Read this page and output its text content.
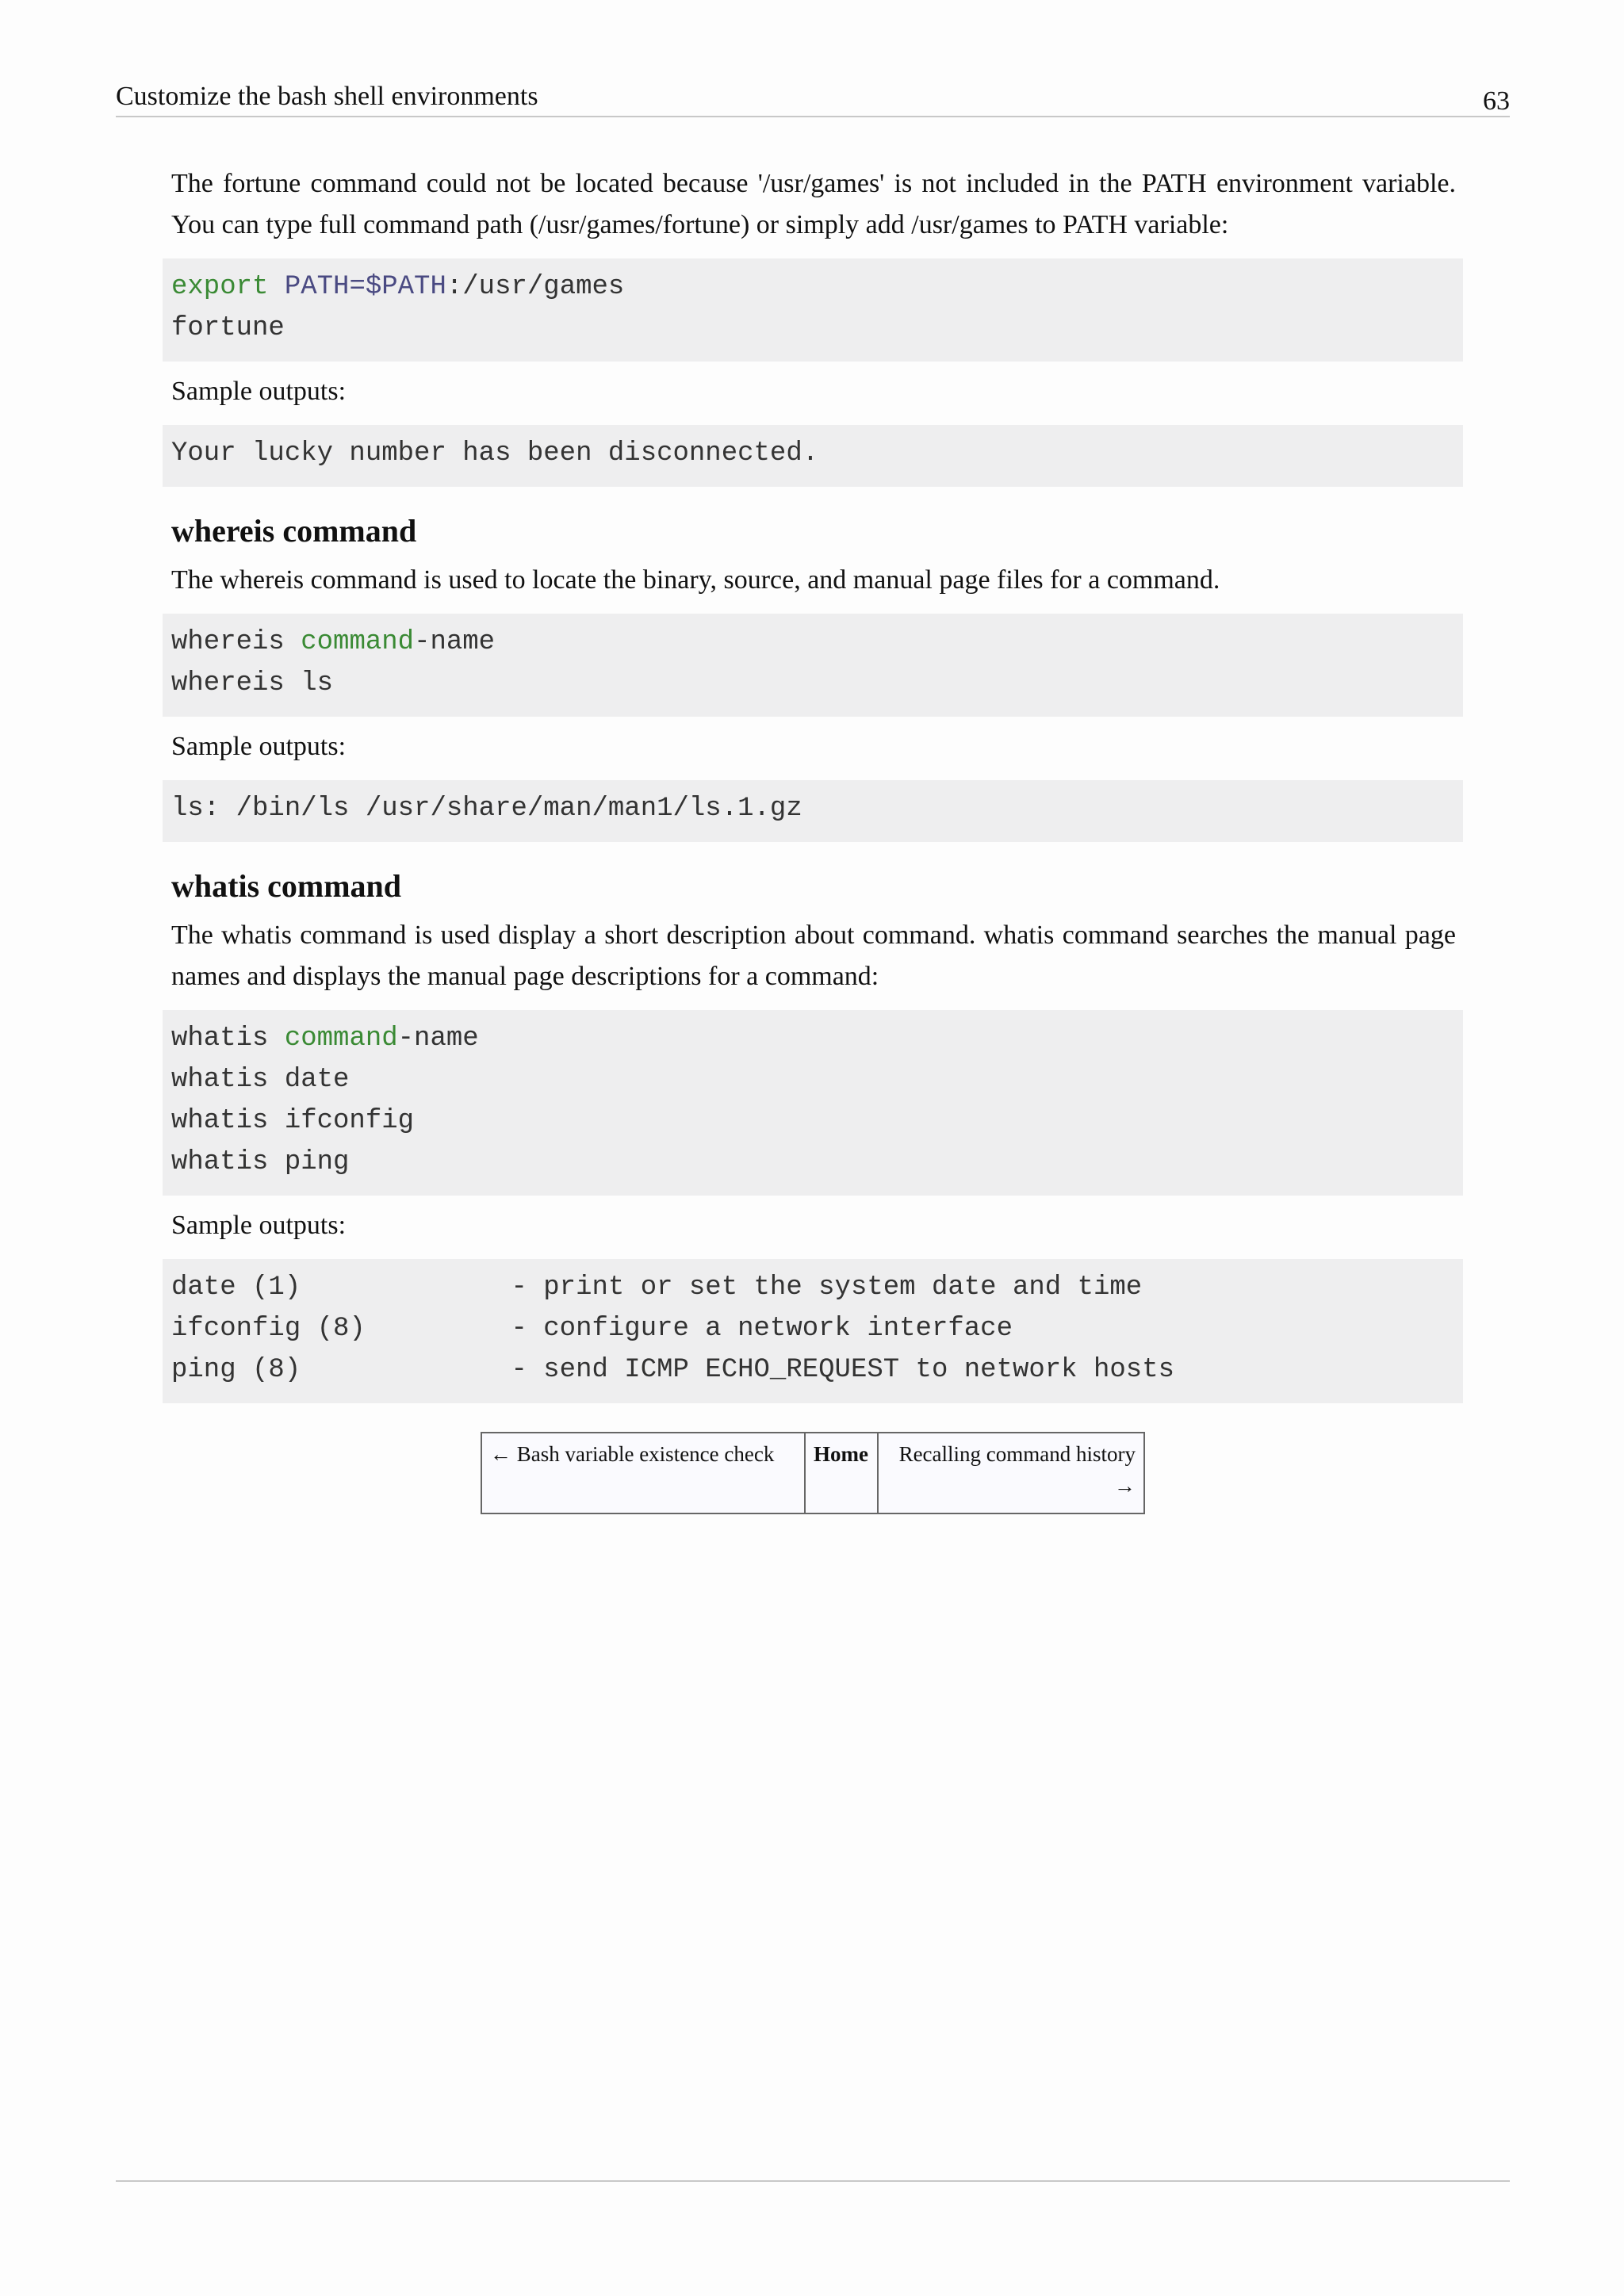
Customize the bash shell environments	63

The fortune command could not be located because '/usr/games' is not included in the PATH environment variable. You can type full command path (/usr/games/fortune) or simply add /usr/games to PATH variable:

export PATH=$PATH:/usr/games
fortune

Sample outputs:

Your lucky number has been disconnected.
whereis command

The whereis command is used to locate the binary, source, and manual page files for a command.

whereis command-name
whereis ls

Sample outputs:

ls: /bin/ls /usr/share/man/man1/ls.1.gz
whatis command

The whatis command is used display a short description about command. whatis command searches the manual page names and displays the manual page descriptions for a command:

whatis command-name
whatis date
whatis ifconfig
whatis ping

Sample outputs:

date (1)             - print or set the system date and time
ifconfig (8)         - configure a network interface
ping (8)             - send ICMP ECHO_REQUEST to network hosts
← Bash variable existence check	Home	Recalling command history
→
